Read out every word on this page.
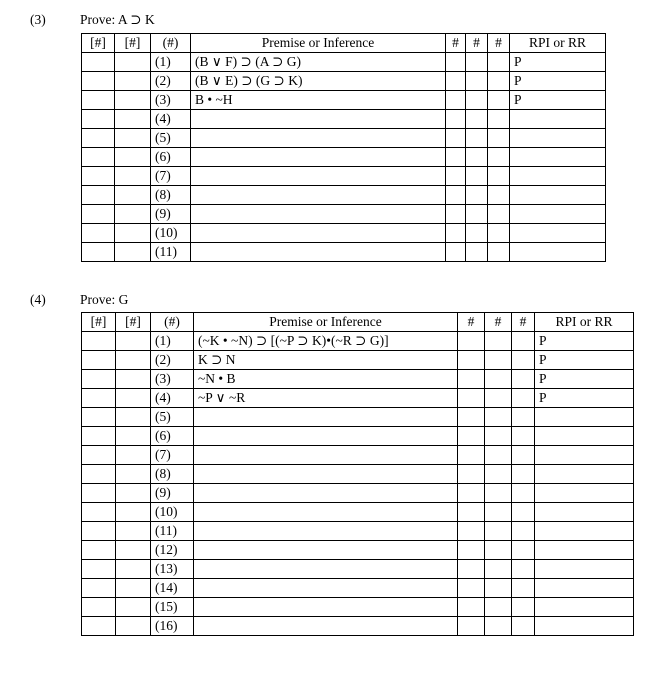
(3)	Prove: A ⊃ K
[#]	[#]	(#)	Premise or Inference	#	#	#	RPI or RR
		(1)	(B ∨ F) ⊃ (A ⊃ G)				P
		(2)	(B ∨ E) ⊃ (G ⊃ K)				P
		(3)	B • ~H				P
		(4)					
		(5)					
		(6)					
		(7)					
		(8)					
		(9)					
		(10)					
		(11)					
(4)	Prove: G
[#]	[#]	(#)	Premise or Inference	#	#	#	RPI or RR
		(1)	(~K • ~N) ⊃ [(~P ⊃ K)•(~R ⊃ G)]				P
		(2)	K ⊃ N				P
		(3)	~N • B				P
		(4)	~P ∨ ~R				P
		(5)					
		(6)					
		(7)					
		(8)					
		(9)					
		(10)					
		(11)					
		(12)					
		(13)					
		(14)					
		(15)					
		(16)					
